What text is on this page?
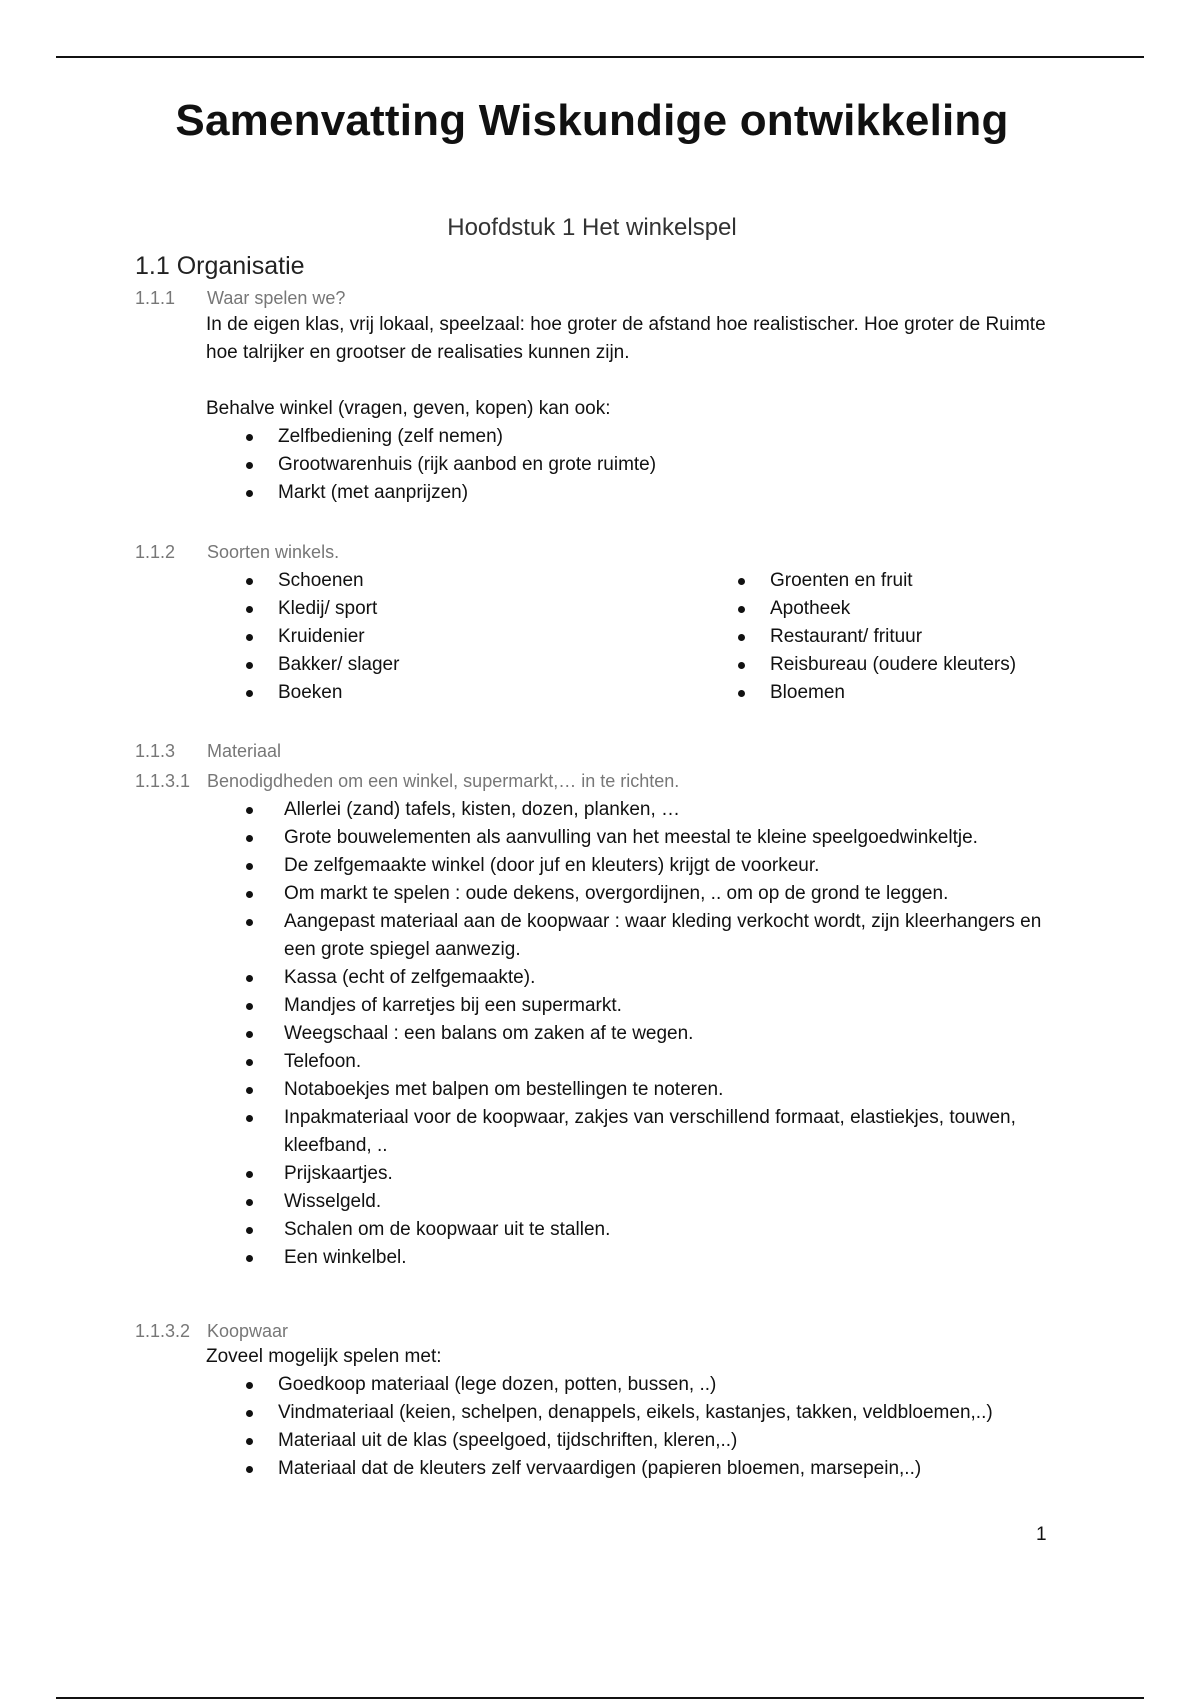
Samenvatting Wiskundige ontwikkeling
Hoofdstuk 1 Het winkelspel
1.1 Organisatie
1.1.1 Waar spelen we?
In de eigen klas, vrij lokaal, speelzaal: hoe groter de afstand hoe realistischer. Hoe groter de Ruimte hoe talrijker en grootser de realisaties kunnen zijn.
Behalve winkel (vragen, geven, kopen) kan ook:
Zelfbediening (zelf nemen)
Grootwarenhuis (rijk aanbod en grote ruimte)
Markt (met aanprijzen)
1.1.2 Soorten winkels.
Schoenen
Kledij/ sport
Kruidenier
Bakker/ slager
Boeken
Groenten en fruit
Apotheek
Restaurant/ frituur
Reisbureau (oudere kleuters)
Bloemen
1.1.3 Materiaal
1.1.3.1 Benodigdheden om een winkel, supermarkt,… in te richten.
Allerlei (zand) tafels, kisten, dozen, planken, …
Grote bouwelementen als aanvulling van het meestal te kleine speelgoedwinkeltje.
De zelfgemaakte winkel (door juf en kleuters) krijgt de voorkeur.
Om markt te spelen : oude dekens, overgordijnen, .. om op de grond te leggen.
Aangepast materiaal aan de koopwaar : waar kleding verkocht wordt, zijn kleerhangers en een grote spiegel aanwezig.
Kassa (echt of zelfgemaakte).
Mandjes of karretjes bij een supermarkt.
Weegschaal : een balans om zaken af te wegen.
Telefoon.
Notaboekjes met balpen om bestellingen te noteren.
Inpakmateriaal voor de koopwaar, zakjes van verschillend formaat, elastiekjes, touwen, kleefband, ..
Prijskaartjes.
Wisselgeld.
Schalen om de koopwaar uit te stallen.
Een winkelbel.
1.1.3.2 Koopwaar
Zoveel mogelijk spelen met:
Goedkoop materiaal (lege dozen, potten, bussen, ..)
Vindmateriaal (keien, schelpen, denappels, eikels, kastanjes, takken, veldbloemen,..)
Materiaal uit de klas (speelgoed, tijdschriften, kleren,..)
Materiaal dat de kleuters zelf vervaardigen (papieren bloemen, marsepein,..)
1
